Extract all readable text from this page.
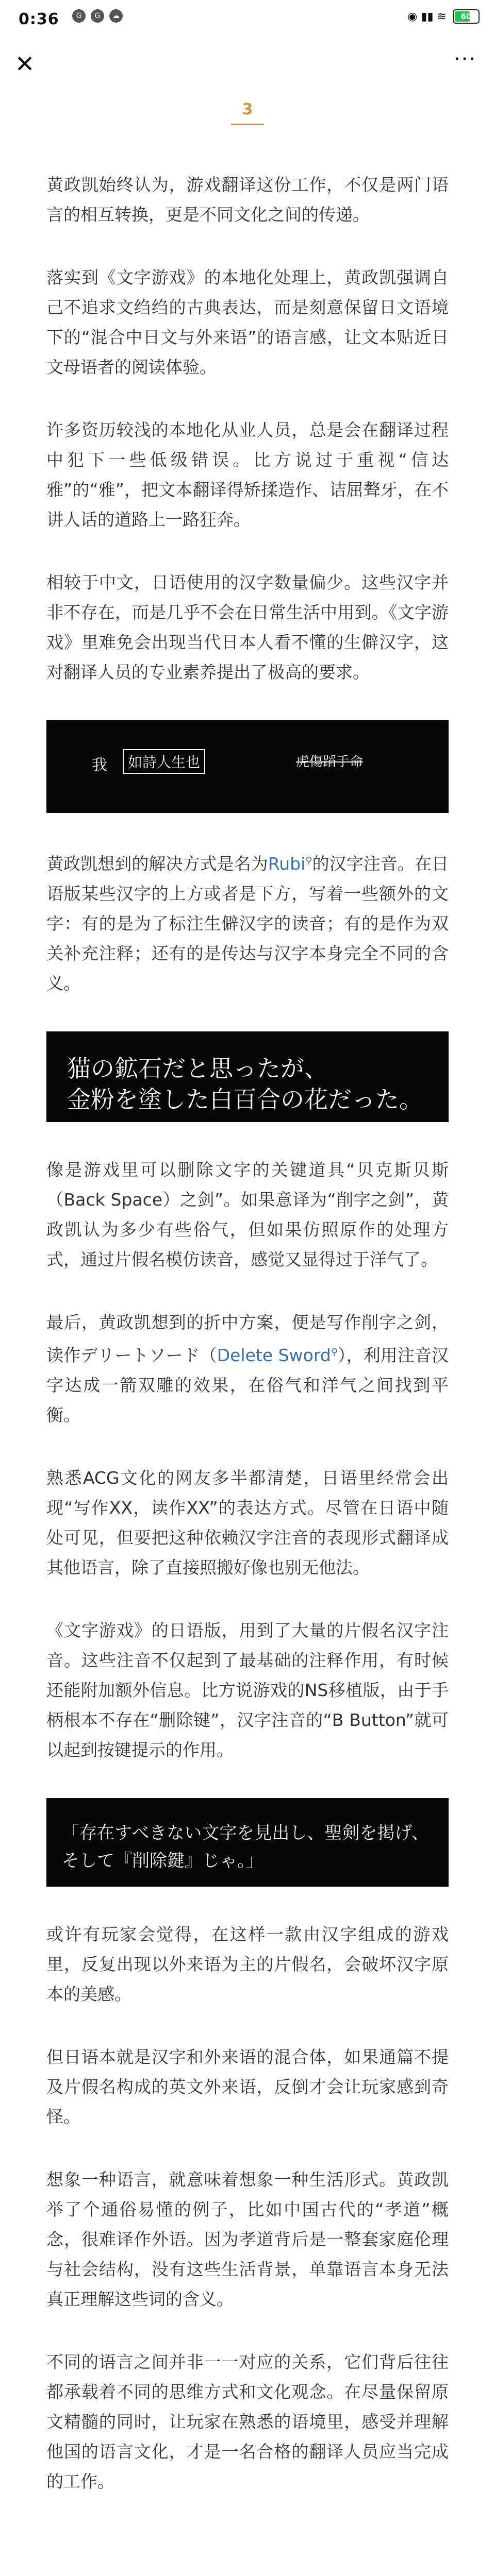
0:36	G	G	☁	◉ ▮▮ ≋ 60
✕	···
3

黄政凯始终认为，游戏翻译这份工作，不仅是两门语言的相互转换，更是不同文化之间的传递。

落实到《文字游戏》的本地化处理上，黄政凯强调自己不追求文绉绉的古典表达，而是刻意保留日文语境下的“混合中日文与外来语”的语言感，让文本贴近日文母语者的阅读体验。

许多资历较浅的本地化从业人员，总是会在翻译过程中犯下一些低级错误。比方说过于重视“信达雅”的“雅”，把文本翻译得矫揉造作、诘屈聱牙，在不讲人话的道路上一路狂奔。

相较于中文，日语使用的汉字数量偏少。这些汉字并非不存在，而是几乎不会在日常生活中用到。《文字游戏》里难免会出现当代日本人看不懂的生僻汉字，这对翻译人员的专业素养提出了极高的要求。

我	如詩人生也	虎傷蹈手命

黄政凯想到的解决方式是名为Rubi⚲的汉字注音。在日语版某些汉字的上方或者是下方，写着一些额外的文字：有的是为了标注生僻汉字的读音；有的是作为双关补充注释；还有的是传达与汉字本身完全不同的含义。

猫の鉱石だと思ったが、
金粉を塗した白百合の花だった。

像是游戏里可以删除文字的关键道具“贝克斯贝斯（Back Space）之剑”。如果意译为“削字之剑”，黄政凯认为多少有些俗气，但如果仿照原作的处理方式，通过片假名模仿读音，感觉又显得过于洋气了。

最后，黄政凯想到的折中方案，便是写作削字之剑，读作デリートソード（Delete Sword⚲），利用注音汉字达成一箭双雕的效果，在俗气和洋气之间找到平衡。

熟悉ACG文化的网友多半都清楚，日语里经常会出现“写作XX，读作XX”的表达方式。尽管在日语中随处可见，但要把这种依赖汉字注音的表现形式翻译成其他语言，除了直接照搬好像也别无他法。

《文字游戏》的日语版，用到了大量的片假名汉字注音。这些注音不仅起到了最基础的注释作用，有时候还能附加额外信息。比方说游戏的NS移植版，由于手柄根本不存在“删除键”，汉字注音的“B Button”就可以起到按键提示的作用。

「存在すべきない文字を見出し、聖剣を掲げ、
そして『削除鍵』じゃ。」

或许有玩家会觉得，在这样一款由汉字组成的游戏里，反复出现以外来语为主的片假名，会破坏汉字原本的美感。

但日语本就是汉字和外来语的混合体，如果通篇不提及片假名构成的英文外来语，反倒才会让玩家感到奇怪。

想象一种语言，就意味着想象一种生活形式。黄政凯举了个通俗易懂的例子，比如中国古代的“孝道”概念，很难译作外语。因为孝道背后是一整套家庭伦理与社会结构，没有这些生活背景，单靠语言本身无法真正理解这些词的含义。

不同的语言之间并非一一对应的关系，它们背后往往都承载着不同的思维方式和文化观念。在尽量保留原文精髓的同时，让玩家在熟悉的语境里，感受并理解他国的语言文化，才是一名合格的翻译人员应当完成的工作。
